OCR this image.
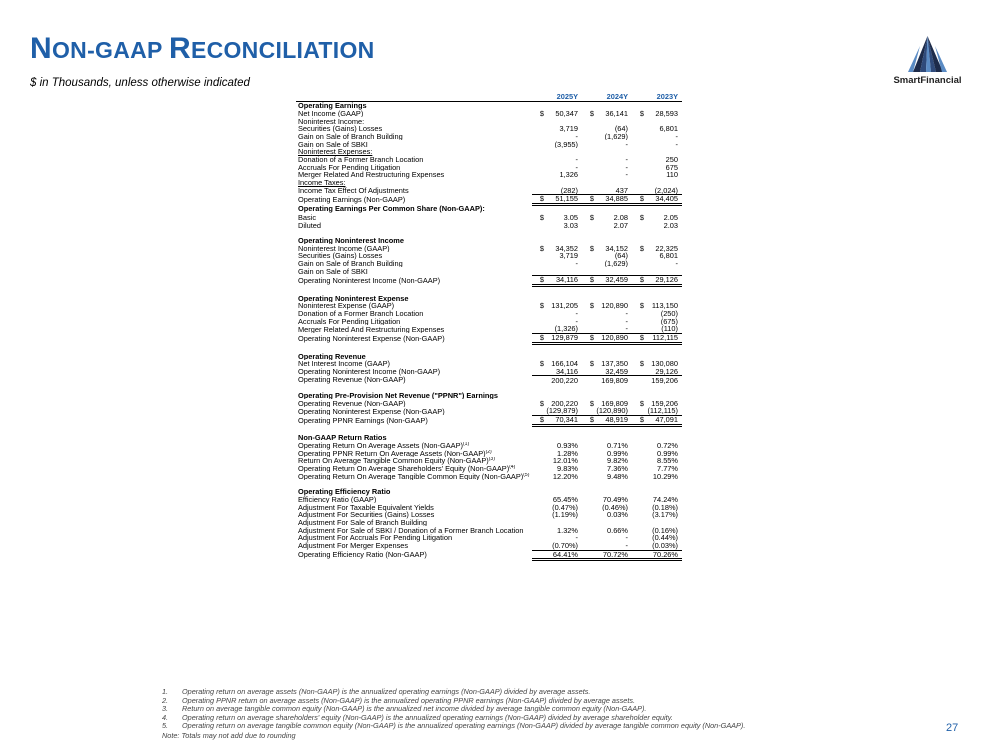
NON-GAAP RECONCILIATION
$ in Thousands, unless otherwise indicated	SmartFinancial
	2025Y		2024Y		2023Y	
Operating Earnings						
Net Income (GAAP)	$	50,347	$	36,141	$	28,593
Noninterest Income:						
Securities (Gains) Losses		3,719		(64)		6,801
Gain on Sale of Branch Building		-		(1,629)		-
Gain on Sale of SBKI		(3,955)		-		-
Noninterest Expenses:						
Donation of a Former Branch Location		-		-		250
Accruals For Pending Litigation		-		-		675
Merger Related And Restructuring Expenses		1,326		-		110
Income Taxes:						
Income Tax Effect Of Adjustments		(282)		437		(2,024)
Operating Earnings (Non-GAAP)	$	51,155	$	34,885	$	34,405
Operating Earnings Per Common Share (Non-GAAP):						
Basic	$	3.05	$	2.08	$	2.05
Diluted		3.03		2.07		2.03

Operating Noninterest Income						
Noninterest Income (GAAP)	$	34,352	$	34,152	$	22,325
Securities (Gains) Losses		3,719		(64)		6,801
Gain on Sale of Branch Building		-		(1,629)		-
Gain on Sale of SBKI						
Operating Noninterest Income (Non-GAAP)	$	34,116	$	32,459	$	29,126

Operating Noninterest Expense						
Noninterest Expense (GAAP)	$	131,205	$	120,890	$	113,150
Donation of a Former Branch Location		-		-		(250)
Accruals For Pending Litigation		-		-		(675)
Merger Related And Restructuring Expenses		(1,326)		-		(110)
Operating Noninterest Expense (Non-GAAP)	$	129,879	$	120,890	$	112,115

Operating Revenue						
Net Interest Income (GAAP)	$	166,104	$	137,350	$	130,080
Operating Noninterest Income (Non-GAAP)		34,116		32,459		29,126
Operating Revenue (Non-GAAP)		200,220		169,809		159,206

Operating Pre-Provision Net Revenue ("PPNR") Earnings						
Operating Revenue (Non-GAAP)	$	200,220	$	169,809	$	159,206
Operating Noninterest Expense (Non-GAAP)		(129,879)		(120,890)		(112,115)
Operating PPNR Earnings (Non-GAAP)	$	70,341	$	48,919	$	47,091

Non-GAAP Return Ratios						
Operating Return On Average Assets (Non-GAAP)$^{(1)}$		0.93%		0.71%		0.72%
Operating PPNR Return On Average Assets (Non-GAAP)$^{(2)}$		1.28%		0.99%		0.99%
Return On Average Tangible Common Equity (Non-GAAP)$^{(3)}$		12.01%		9.82%		8.55%
Operating Return On Average Shareholders' Equity (Non-GAAP)$^{(4)}$		9.83%		7.36%		7.77%
Operating Return On Average Tangible Common Equity (Non-GAAP)$^{(5)}$		12.20%		9.48%		10.29%

Operating Efficiency Ratio						
Efficiency Ratio (GAAP)		65.45%		70.49%		74.24%
Adjustment For Taxable Equivalent Yields		(0.47%)		(0.46%)		(0.18%)
Adjustment For Securities (Gains) Losses		(1.19%)		0.03%		(3.17%)
Adjustment For Sale of Branch Building						
Adjustment For Sale of SBKI / Donation of a Former Branch Location		1.32%		0.66%		(0.16%)
Adjustment For Accruals For Pending Litigation		-		-		(0.44%)
Adjustment For Merger Expenses		(0.70%)		-		(0.03%)
Operating Efficiency Ratio (Non-GAAP)		64.41%		70.72%		70.26%
1.	Operating return on average assets (Non-GAAP) is the annualized operating earnings (Non-GAAP) divided by average assets.
2.	Operating PPNR return on average assets (Non-GAAP) is the annualized operating PPNR earnings (Non-GAAP) divided by average assets.
3.	Return on average tangible common equity (Non-GAAP) is the annualized net income divided by average tangible common equity (Non-GAAP).
4.	Operating return on average shareholders' equity (Non-GAAP) is the annualized operating earnings (Non-GAAP) divided by average shareholder equity.
5.	Operating return on average tangible common equity (Non-GAAP) is the annualized operating earnings (Non-GAAP) divided by average tangible common equity (Non-GAAP).
Note: Totals may not add due to rounding
27
